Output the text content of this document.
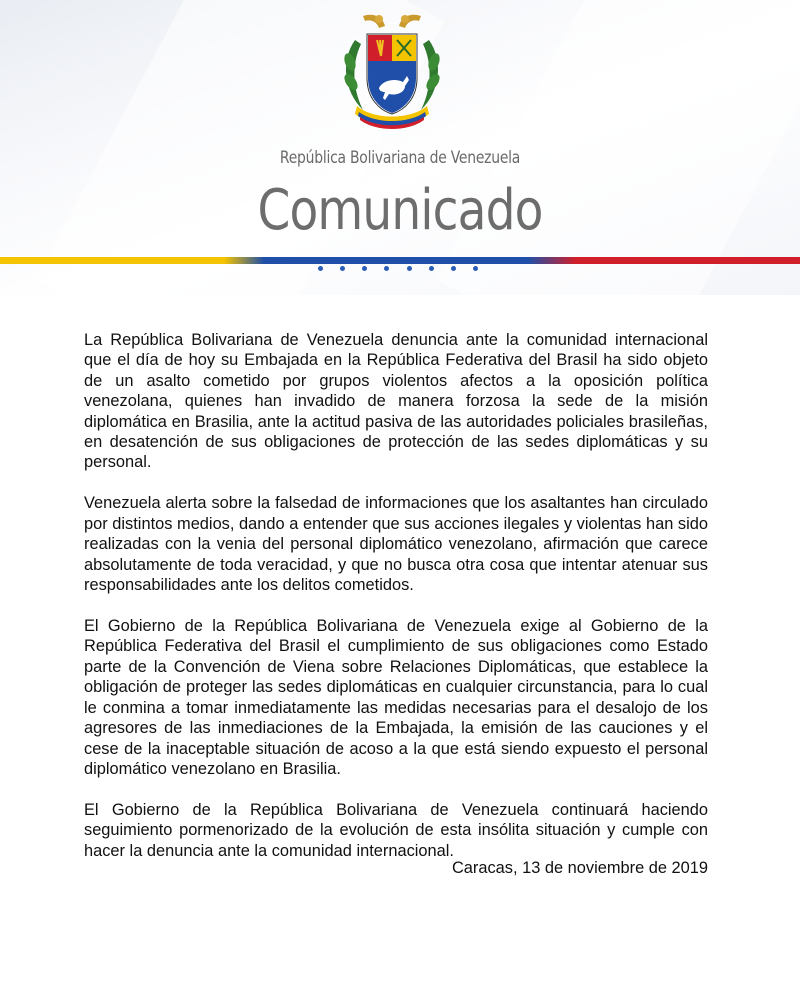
República Bolivariana de Venezuela
Comunicado

La República Bolivariana de Venezuela denuncia ante la comunidad internacional que el día de hoy su Embajada en la República Federativa del Brasil ha sido objeto de un asalto cometido por grupos violentos afectos a la oposición política venezolana, quienes han invadido de manera forzosa la sede de la misión diplomática en Brasilia, ante la actitud pasiva de las autoridades policiales brasileñas, en desatención de sus obligaciones de protección de las sedes diplomáticas y su personal.

Venezuela alerta sobre la falsedad de informaciones que los asaltantes han circulado por distintos medios, dando a entender que sus acciones ilegales y violentas han sido realizadas con la venia del personal diplomático venezolano, afirmación que carece absolutamente de toda veracidad, y que no busca otra cosa que intentar atenuar sus responsabilidades ante los delitos cometidos.

El Gobierno de la República Bolivariana de Venezuela exige al Gobierno de la República Federativa del Brasil el cumplimiento de sus obligaciones como Estado parte de la Convención de Viena sobre Relaciones Diplomáticas, que establece la obligación de proteger las sedes diplomáticas en cualquier circunstancia, para lo cual le conmina a tomar inmediatamente las medidas necesarias para el desalojo de los agresores de las inmediaciones de la Embajada, la emisión de las cauciones y el cese de la inaceptable situación de acoso a la que está siendo expuesto el personal diplomático venezolano en Brasilia.

El Gobierno de la República Bolivariana de Venezuela continuará haciendo seguimiento pormenorizado de la evolución de esta insólita situación y cumple con hacer la denuncia ante la comunidad internacional.

Caracas, 13 de noviembre de 2019
